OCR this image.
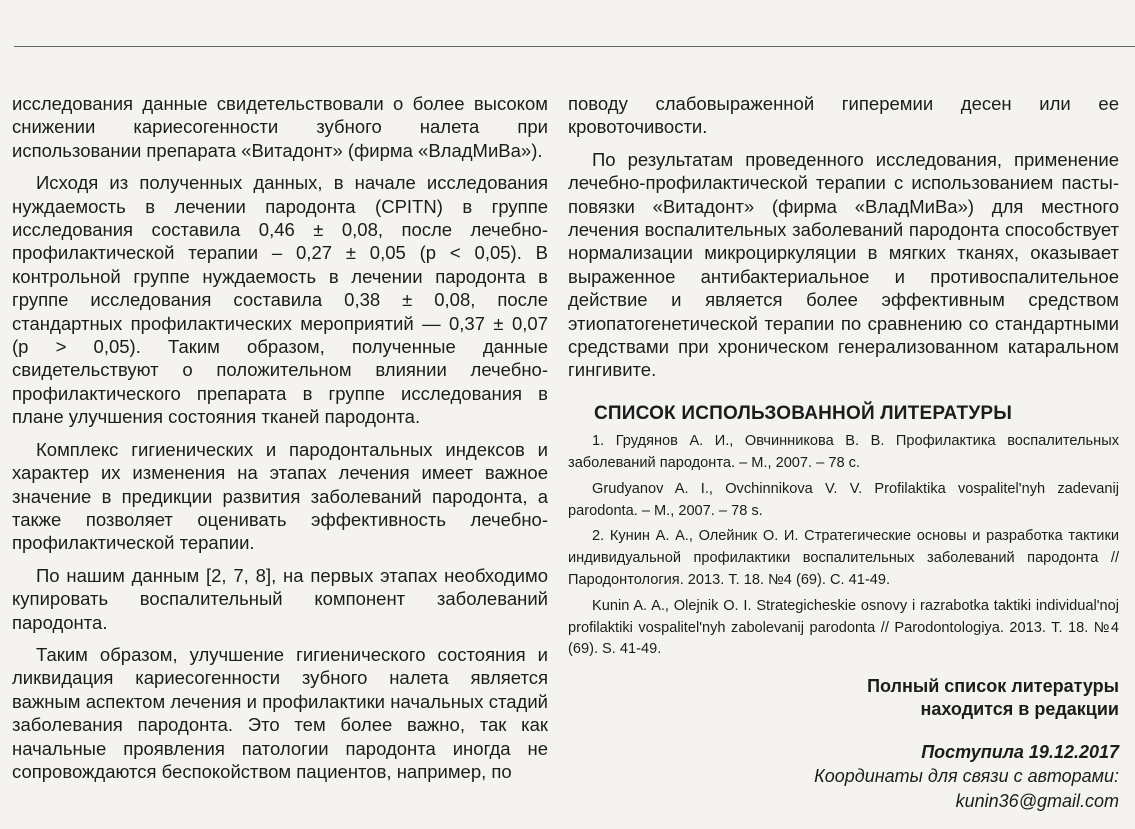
исследования данные свидетельствовали о более высоком снижении кариесогенности зубного налета при использовании препарата «Витадонт» (фирма «ВладМиВа»).

Исходя из полученных данных, в начале исследования нуждаемость в лечении пародонта (CPITN) в группе исследования составила 0,46 ± 0,08, после лечебно-профилактической терапии – 0,27 ± 0,05 (p < 0,05). В контрольной группе нуждаемость в лечении пародонта в группе исследования составила 0,38 ± 0,08, после стандартных профилактических мероприятий — 0,37 ± 0,07 (p > 0,05). Таким образом, полученные данные свидетельствуют о положительном влиянии лечебно-профилактического препарата в группе исследования в плане улучшения состояния тканей пародонта.

Комплекс гигиенических и пародонтальных индексов и характер их изменения на этапах лечения имеет важное значение в предикции развития заболеваний пародонта, а также позволяет оценивать эффективность лечебно-профилактической терапии.

По нашим данным [2, 7, 8], на первых этапах необходимо купировать воспалительный компонент заболеваний пародонта.

Таким образом, улучшение гигиенического состояния и ликвидация кариесогенности зубного налета является важным аспектом лечения и профилактики начальных стадий заболевания пародонта. Это тем более важно, так как начальные проявления патологии пародонта иногда не сопровождаются беспокойством пациентов, например, по

поводу слабовыраженной гиперемии десен или ее кровоточивости.

По результатам проведенного исследования, применение лечебно-профилактической терапии с использованием пасты-повязки «Витадонт» (фирма «ВладМиВа») для местного лечения воспалительных заболеваний пародонта способствует нормализации микроциркуляции в мягких тканях, оказывает выраженное антибактериальное и противоспалительное действие и является более эффективным средством этиопатогенетической терапии по сравнению со стандартными средствами при хроническом генерализованном катаральном гингивите.

СПИСОК ИСПОЛЬЗОВАННОЙ ЛИТЕРАТУРЫ

1. Грудянов А. И., Овчинникова В. В. Профилактика воспалительных заболеваний пародонта. – М., 2007. – 78 с.

Grudyanov A. I., Ovchinnikova V. V. Profilaktika vospalitel'nyh zadevanij parodonta. – M., 2007. – 78 s.

2. Кунин А. А., Олейник О. И. Стратегические основы и разработка тактики индивидуальной профилактики воспалительных заболеваний пародонта // Пародонтология. 2013. Т. 18. №4 (69). С. 41-49.

Kunin A. A., Olejnik O. I. Strategicheskie osnovy i razrabotka taktiki individual'noj profilaktiki vospalitel'nyh zabolevanij parodonta // Parodontologiya. 2013. T. 18. №4 (69). S. 41-49.

Полный список литературы
находится в редакции
Поступила 19.12.2017
Координаты для связи с авторами:
kunin36@gmail.com
